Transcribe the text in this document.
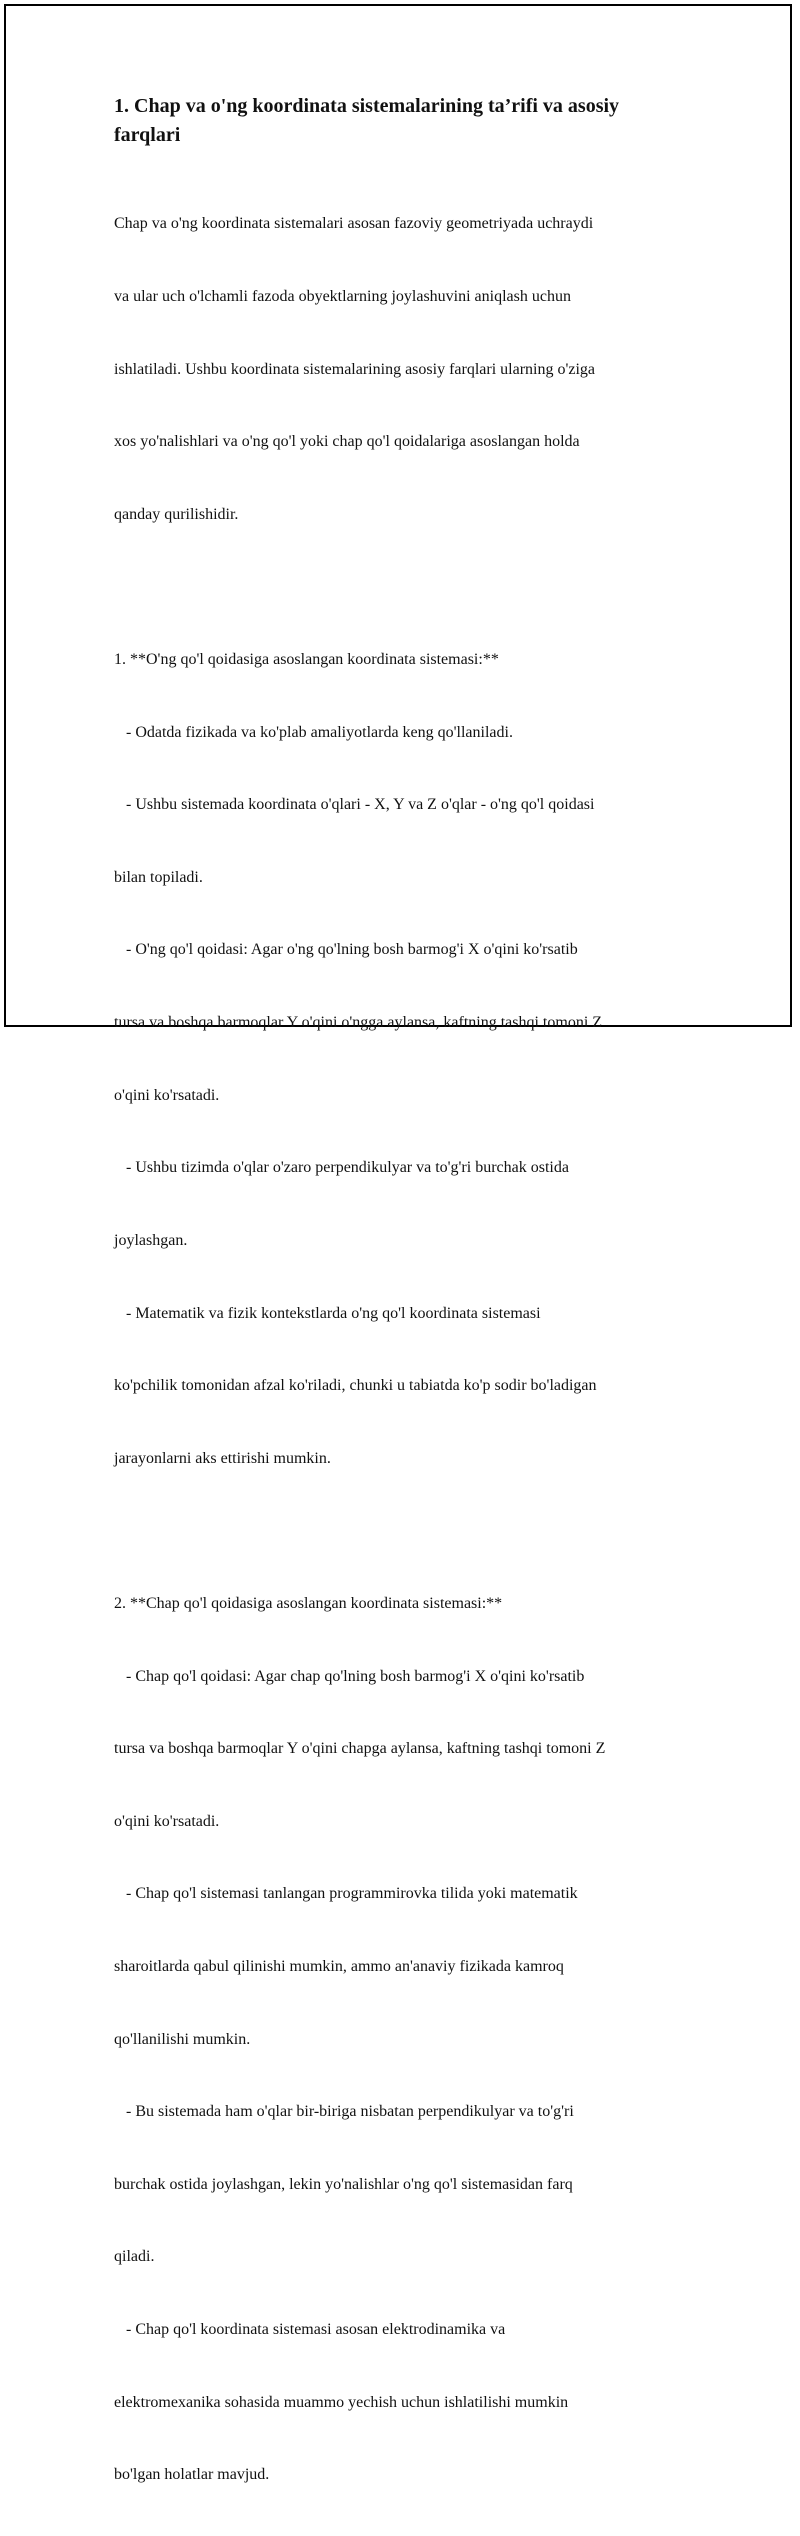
1. Chap va o'ng koordinata sistemalarining ta’rifi va asosiy
farqlari

Chap va o'ng koordinata sistemalari asosan fazoviy geometriyada uchraydi

va ular uch o'lchamli fazoda obyektlarning joylashuvini aniqlash uchun

ishlatiladi. Ushbu koordinata sistemalarining asosiy farqlari ularning o'ziga

xos yo'nalishlari va o'ng qo'l yoki chap qo'l qoidalariga asoslangan holda

qanday qurilishidir.

1. **O'ng qo'l qoidasiga asoslangan koordinata sistemasi:**

- Odatda fizikada va ko'plab amaliyotlarda keng qo'llaniladi.

- Ushbu sistemada koordinata o'qlari - X, Y va Z o'qlar - o'ng qo'l qoidasi

bilan topiladi.

- O'ng qo'l qoidasi: Agar o'ng qo'lning bosh barmog'i X o'qini ko'rsatib

tursa va boshqa barmoqlar Y o'qini o'ngga aylansa, kaftning tashqi tomoni Z

o'qini ko'rsatadi.

- Ushbu tizimda o'qlar o'zaro perpendikulyar va to'g'ri burchak ostida

joylashgan.

- Matematik va fizik kontekstlarda o'ng qo'l koordinata sistemasi

ko'pchilik tomonidan afzal ko'riladi, chunki u tabiatda ko'p sodir bo'ladigan

jarayonlarni aks ettirishi mumkin.

2. **Chap qo'l qoidasiga asoslangan koordinata sistemasi:**

- Chap qo'l qoidasi: Agar chap qo'lning bosh barmog'i X o'qini ko'rsatib

tursa va boshqa barmoqlar Y o'qini chapga aylansa, kaftning tashqi tomoni Z

o'qini ko'rsatadi.

- Chap qo'l sistemasi tanlangan programmirovka tilida yoki matematik

sharoitlarda qabul qilinishi mumkin, ammo an'anaviy fizikada kamroq

qo'llanilishi mumkin.

- Bu sistemada ham o'qlar bir-biriga nisbatan perpendikulyar va to'g'ri

burchak ostida joylashgan, lekin yo'nalishlar o'ng qo'l sistemasidan farq

qiladi.

- Chap qo'l koordinata sistemasi asosan elektrodinamika va

elektromexanika sohasida muammo yechish uchun ishlatilishi mumkin

bo'lgan holatlar mavjud.
